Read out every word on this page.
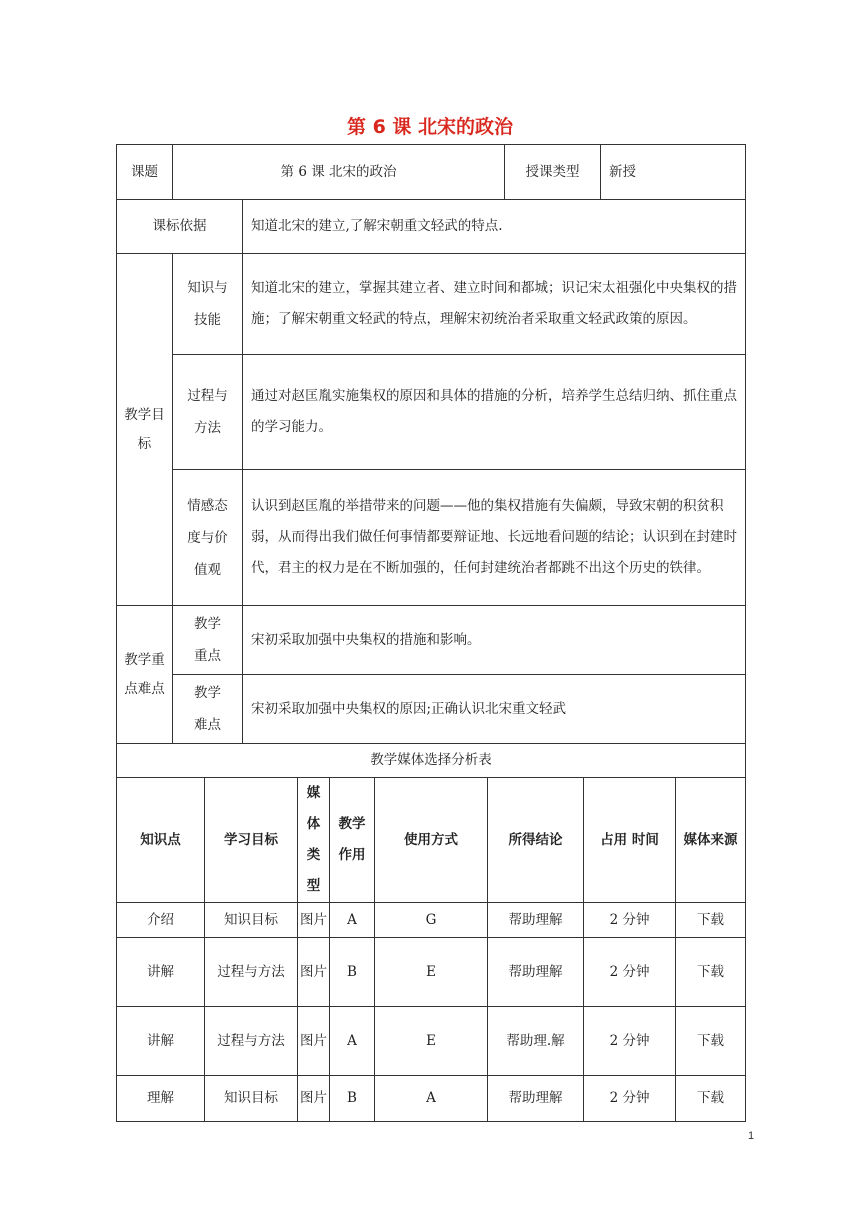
第 6 课 北宋的政治
课题	第 6 课 北宋的政治							授课类型		新授	
课标依据			知道北宋的建立,了解宋朝重文轻武的特点.								
教学目标	知识与技能		知道北宋的建立，掌握其建立者、建立时间和都城；识记宋太祖强化中央集权的措施；了解宋朝重文轻武的特点，理解宋初统治者采取重文轻武政策的原因。								
	过程与方法		通过对赵匡胤实施集权的原因和具体的措施的分析，培养学生总结归纳、抓住重点的学习能力。								
	情感态度与价值观		认识到赵匡胤的举措带来的问题——他的集权措施有失偏颇，导致宋朝的积贫积弱，从而得出我们做任何事情都要辩证地、长远地看问题的结论；认识到在封建时代，君主的权力是在不断加强的，任何封建统治者都跳不出这个历史的铁律。								
教学重点难点	教学重点		宋初采取加强中央集权的措施和影响。								
	教学难点		宋初采取加强中央集权的原因;正确认识北宋重文轻武								
教学媒体选择分析表											
知识点		学习目标		媒体类型	教学 作用	使用方式	所得结论		占用 时间		媒体来源
介绍		知识目标		图片	A	G	帮助理解		2 分钟		下载
讲解		过程与方法		图片	B	E	帮助理解		2 分钟		下载
讲解		过程与方法		图片	A	E	帮助理.解		2 分钟		下载
理解		知识目标		图片	B	A	帮助理解		2 分钟		下载
1
